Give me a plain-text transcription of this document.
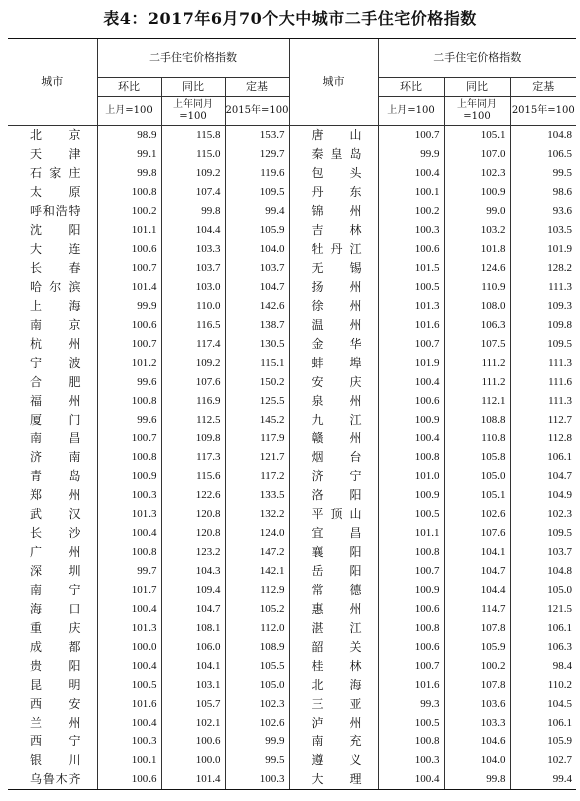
表4：2017年6月70个大中城市二手住宅价格指数
城市	二手住宅价格指数			城市	二手住宅价格指数		
	环比	同比	定基		环比	同比	定基
	上月=100	上年同月=100	2015年=100		上月=100	上年同月=100	2015年=100
北京	98.9	115.8	153.7	唐山	100.7	105.1	104.8
天津	99.1	115.0	129.7	秦皇岛	99.9	107.0	106.5
石家庄	99.8	109.2	119.6	包头	100.4	102.3	99.5
太原	100.8	107.4	109.5	丹东	100.1	100.9	98.6
呼和浩特	100.2	99.8	99.4	锦州	100.2	99.0	93.6
沈阳	101.1	104.4	105.9	吉林	100.3	103.2	103.5
大连	100.6	103.3	104.0	牡丹江	100.6	101.8	101.9
长春	100.7	103.7	103.7	无锡	101.5	124.6	128.2
哈尔滨	101.4	103.0	104.7	扬州	100.5	110.9	111.3
上海	99.9	110.0	142.6	徐州	101.3	108.0	109.3
南京	100.6	116.5	138.7	温州	101.6	106.3	109.8
杭州	100.7	117.4	130.5	金华	100.7	107.5	109.5
宁波	101.2	109.2	115.1	蚌埠	101.9	111.2	111.3
合肥	99.6	107.6	150.2	安庆	100.4	111.2	111.6
福州	100.8	116.9	125.5	泉州	100.6	112.1	111.3
厦门	99.6	112.5	145.2	九江	100.9	108.8	112.7
南昌	100.7	109.8	117.9	赣州	100.4	110.8	112.8
济南	100.8	117.3	121.7	烟台	100.8	105.8	106.1
青岛	100.9	115.6	117.2	济宁	101.0	105.0	104.7
郑州	100.3	122.6	133.5	洛阳	100.9	105.1	104.9
武汉	101.3	120.8	132.2	平顶山	100.5	102.6	102.3
长沙	100.4	120.8	124.0	宜昌	101.1	107.6	109.5
广州	100.8	123.2	147.2	襄阳	100.8	104.1	103.7
深圳	99.7	104.3	142.1	岳阳	100.7	104.7	104.8
南宁	101.7	109.4	112.9	常德	100.9	104.4	105.0
海口	100.4	104.7	105.2	惠州	100.6	114.7	121.5
重庆	101.3	108.1	112.0	湛江	100.8	107.8	106.1
成都	100.0	106.0	108.9	韶关	100.6	105.9	106.3
贵阳	100.4	104.1	105.5	桂林	100.7	100.2	98.4
昆明	100.5	103.1	105.0	北海	101.6	107.8	110.2
西安	101.6	105.7	102.3	三亚	99.3	103.6	104.5
兰州	100.4	102.1	102.6	泸州	100.5	103.3	106.1
西宁	100.3	100.6	99.9	南充	100.8	104.6	105.9
银川	100.1	100.0	99.5	遵义	100.3	104.0	102.7
乌鲁木齐	100.6	101.4	100.3	大理	100.4	99.8	99.4
